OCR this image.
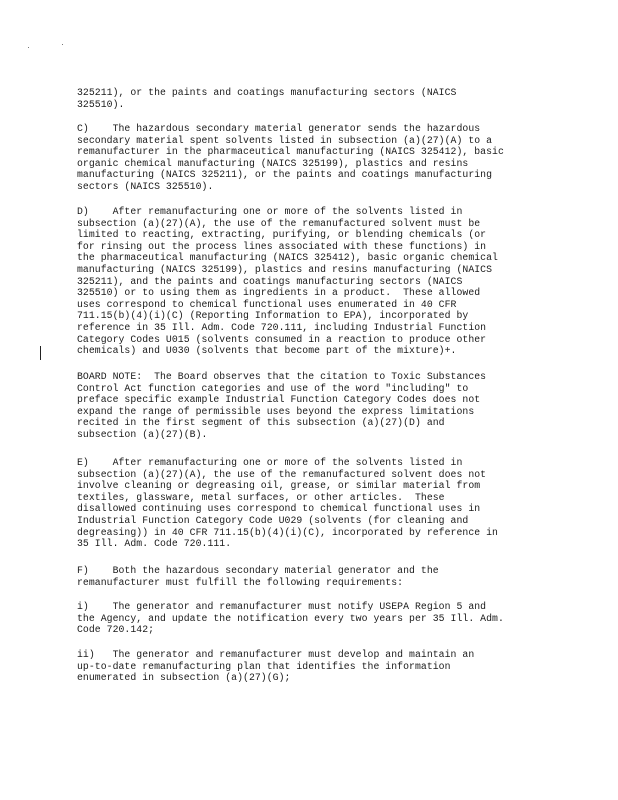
325211), or the paints and coatings manufacturing sectors (NAICS
325510).
C)    The hazardous secondary material generator sends the hazardous
secondary material spent solvents listed in subsection (a)(27)(A) to a
remanufacturer in the pharmaceutical manufacturing (NAICS 325412), basic
organic chemical manufacturing (NAICS 325199), plastics and resins
manufacturing (NAICS 325211), or the paints and coatings manufacturing
sectors (NAICS 325510).
D)    After remanufacturing one or more of the solvents listed in
subsection (a)(27)(A), the use of the remanufactured solvent must be
limited to reacting, extracting, purifying, or blending chemicals (or
for rinsing out the process lines associated with these functions) in
the pharmaceutical manufacturing (NAICS 325412), basic organic chemical
manufacturing (NAICS 325199), plastics and resins manufacturing (NAICS
325211), and the paints and coatings manufacturing sectors (NAICS
325510) or to using them as ingredients in a product.  These allowed
uses correspond to chemical functional uses enumerated in 40 CFR
711.15(b)(4)(i)(C) (Reporting Information to EPA), incorporated by
reference in 35 Ill. Adm. Code 720.111, including Industrial Function
Category Codes U015 (solvents consumed in a reaction to produce other
chemicals) and U030 (solvents that become part of the mixture)+.
BOARD NOTE:  The Board observes that the citation to Toxic Substances
Control Act function categories and use of the word "including" to
preface specific example Industrial Function Category Codes does not
expand the range of permissible uses beyond the express limitations
recited in the first segment of this subsection (a)(27)(D) and
subsection (a)(27)(B).
E)    After remanufacturing one or more of the solvents listed in
subsection (a)(27)(A), the use of the remanufactured solvent does not
involve cleaning or degreasing oil, grease, or similar material from
textiles, glassware, metal surfaces, or other articles.  These
disallowed continuing uses correspond to chemical functional uses in
Industrial Function Category Code U029 (solvents (for cleaning and
degreasing)) in 40 CFR 711.15(b)(4)(i)(C), incorporated by reference in
35 Ill. Adm. Code 720.111.
F)    Both the hazardous secondary material generator and the
remanufacturer must fulfill the following requirements:
i)    The generator and remanufacturer must notify USEPA Region 5 and
the Agency, and update the notification every two years per 35 Ill. Adm.
Code 720.142;
ii)   The generator and remanufacturer must develop and maintain an
up-to-date remanufacturing plan that identifies the information
enumerated in subsection (a)(27)(G);
